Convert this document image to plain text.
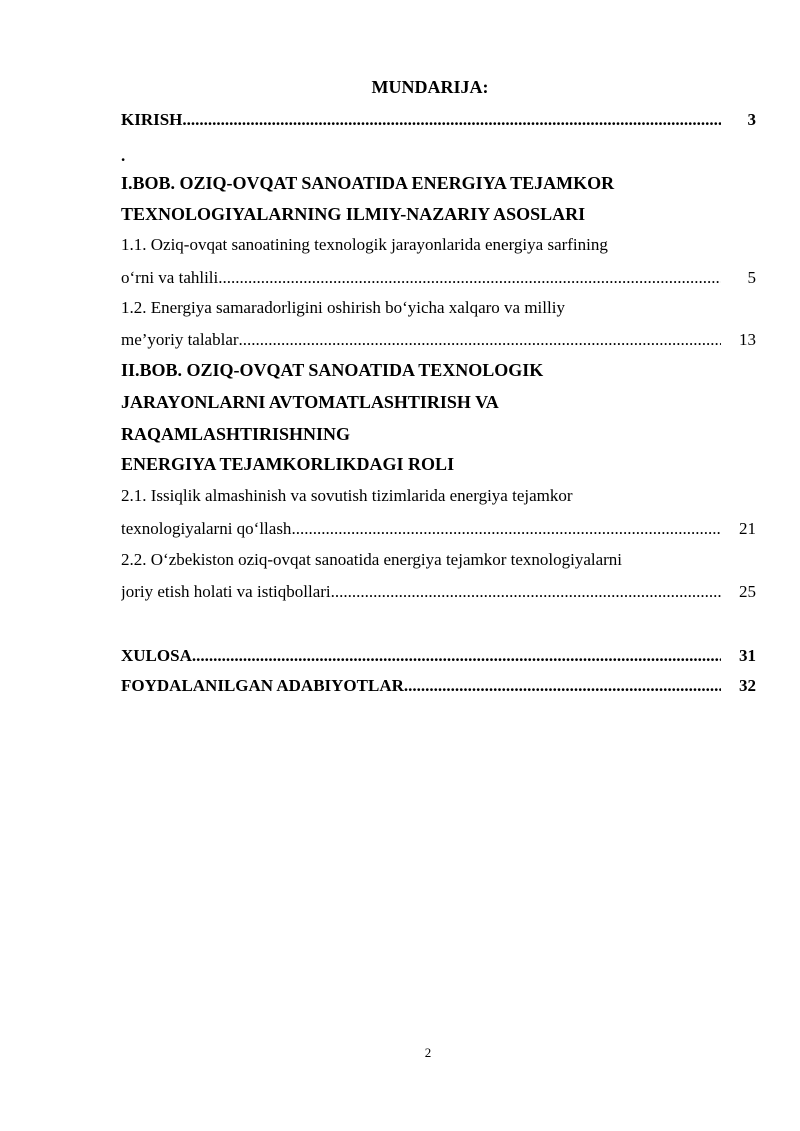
MUNDARIJA:
KIRISH .....	3
.
I.BOB. OZIQ-OVQAT SANOATIDA ENERGIYA TEJAMKOR
TEXNOLOGIYALARNING ILMIY-NAZARIY ASOSLARI
1.1. Oziq-ovqat sanoatining texnologik jarayonlarida energiya sarfining
o‘rni va tahlili .....	5
1.2. Energiya samaradorligini oshirish bo‘yicha xalqaro va milliy
me’yoriy talablar .....	13
II.BOB. OZIQ-OVQAT SANOATIDA TEXNOLOGIK
JARAYONLARNI AVTOMATLASHTIRISH VA
RAQAMLASHTIRISHNING
ENERGIYA TEJAMKORLIKDAGI ROLI
2.1. Issiqlik almashinish va sovutish tizimlarida energiya tejamkor
texnologiyalarni qo‘llash .....	21
2.2. O‘zbekiston oziq-ovqat sanoatida energiya tejamkor texnologiyalarni
joriy etish holati va istiqbollari .....	25
XULOSA .....	31
FOYDALANILGAN ADABIYOTLAR .....	32
2
